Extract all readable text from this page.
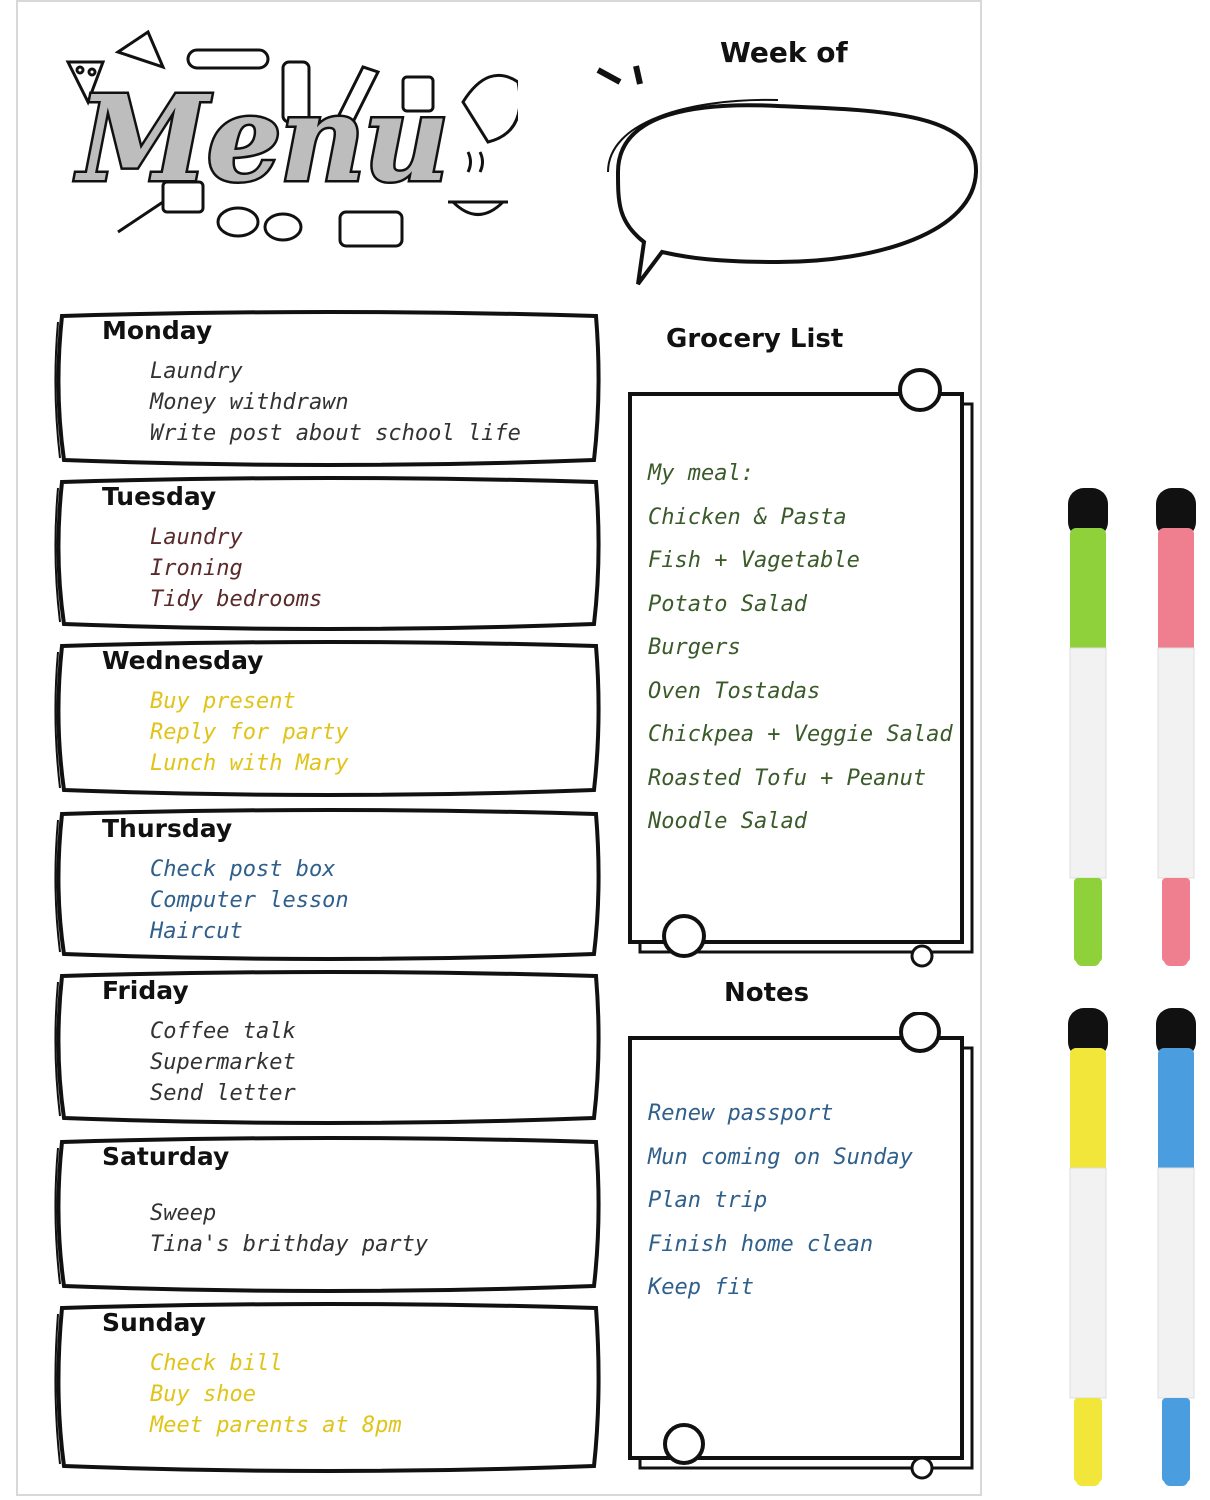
Menu
Week of
Monday
Laundry
Money withdrawn
Write post about school life
Tuesday
Laundry
Ironing
Tidy bedrooms
Wednesday
Buy present
Reply for party
Lunch with Mary
Thursday
Check post box
Computer lesson
Haircut
Friday
Coffee talk
Supermarket
Send letter
Saturday
Sweep
Tina's brithday party
Sunday
Check bill
Buy shoe
Meet parents at 8pm
Grocery List
My meal:
Chicken & Pasta
Fish + Vagetable
Potato Salad
Burgers
Oven Tostadas
Chickpea + Veggie Salad
Roasted Tofu + Peanut
Noodle Salad
Notes
Renew passport
Mun coming on Sunday
Plan trip
Finish home clean
Keep fit
